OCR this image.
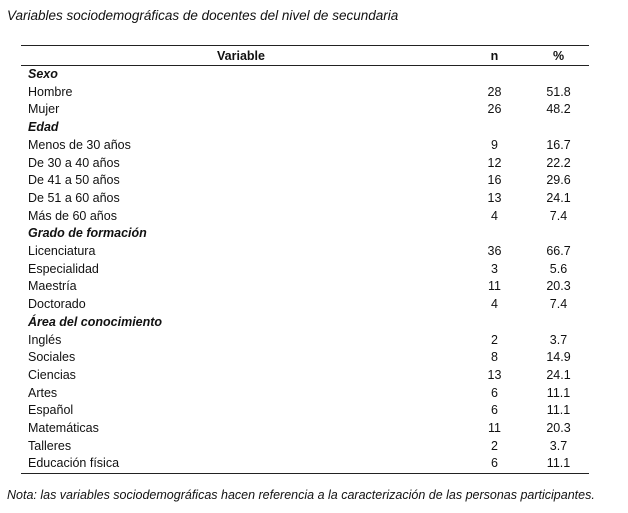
Variables sociodemográficas de docentes del nivel de secundaria
Variable	n	%
Sexo		
Hombre	28	51.8
Mujer	26	48.2
Edad		
Menos de 30 años	9	16.7
De 30 a 40 años	12	22.2
De 41 a 50 años	16	29.6
De 51 a 60 años	13	24.1
Más de 60 años	4	7.4
Grado de formación		
Licenciatura	36	66.7
Especialidad	3	5.6
Maestría	11	20.3
Doctorado	4	7.4
Área del conocimiento		
Inglés	2	3.7
Sociales	8	14.9
Ciencias	13	24.1
Artes	6	11.1
Español	6	11.1
Matemáticas	11	20.3
Talleres	2	3.7
Educación física	6	11.1
Nota: las variables sociodemográficas hacen referencia a la caracterización de las personas participantes.
